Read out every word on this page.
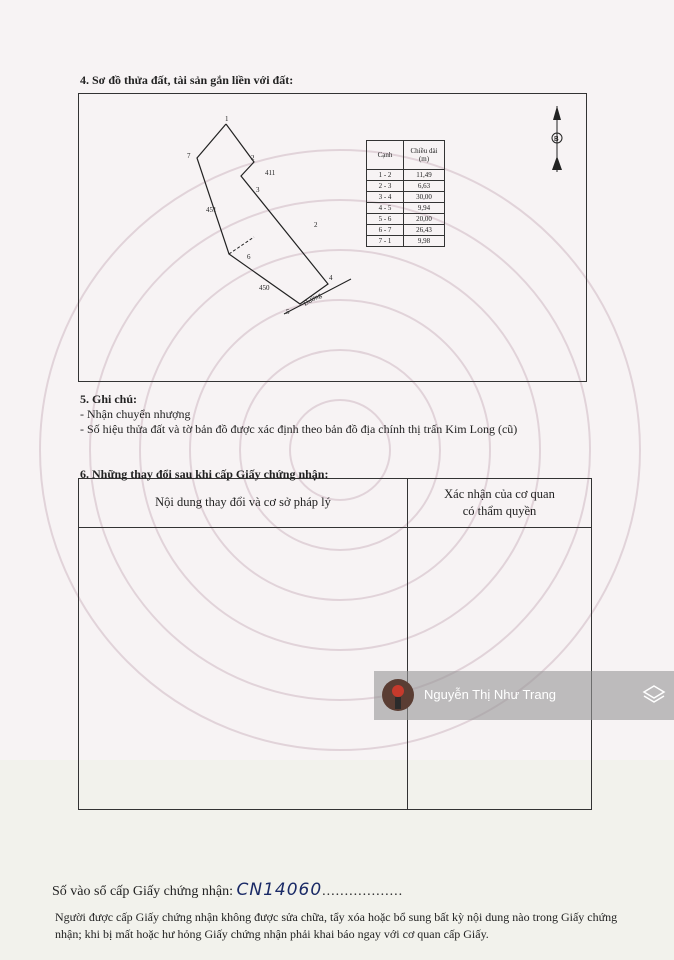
4. Sơ đồ thửa đất, tài sản gắn liền với đất:
1
2
3
4
5
6
7
2
411
451
450
Đường
B
Cạnh	Chiều dài (m)
1 - 2	11,49
2 - 3	6,63
3 - 4	30,00
4 - 5	9,94
5 - 6	20,00
6 - 7	26,43
7 - 1	9,98
5. Ghi chú:
- Nhận chuyển nhượng
- Số hiệu thửa đất và tờ bản đồ được xác định theo bản đồ địa chính thị trấn Kim Long (cũ)
6. Những thay đổi sau khi cấp Giấy chứng nhận:
Nội dung thay đổi và cơ sở pháp lý
Xác nhận của cơ quan
có thẩm quyền
Nguyễn Thị Như Trang
Số vào sổ cấp Giấy chứng nhận: CN14060..................
Người được cấp Giấy chứng nhận không được sửa chữa, tẩy xóa hoặc bổ sung bất kỳ nội dung nào trong Giấy chứng nhận; khi bị mất hoặc hư hỏng Giấy chứng nhận phải khai báo ngay với cơ quan cấp Giấy.
